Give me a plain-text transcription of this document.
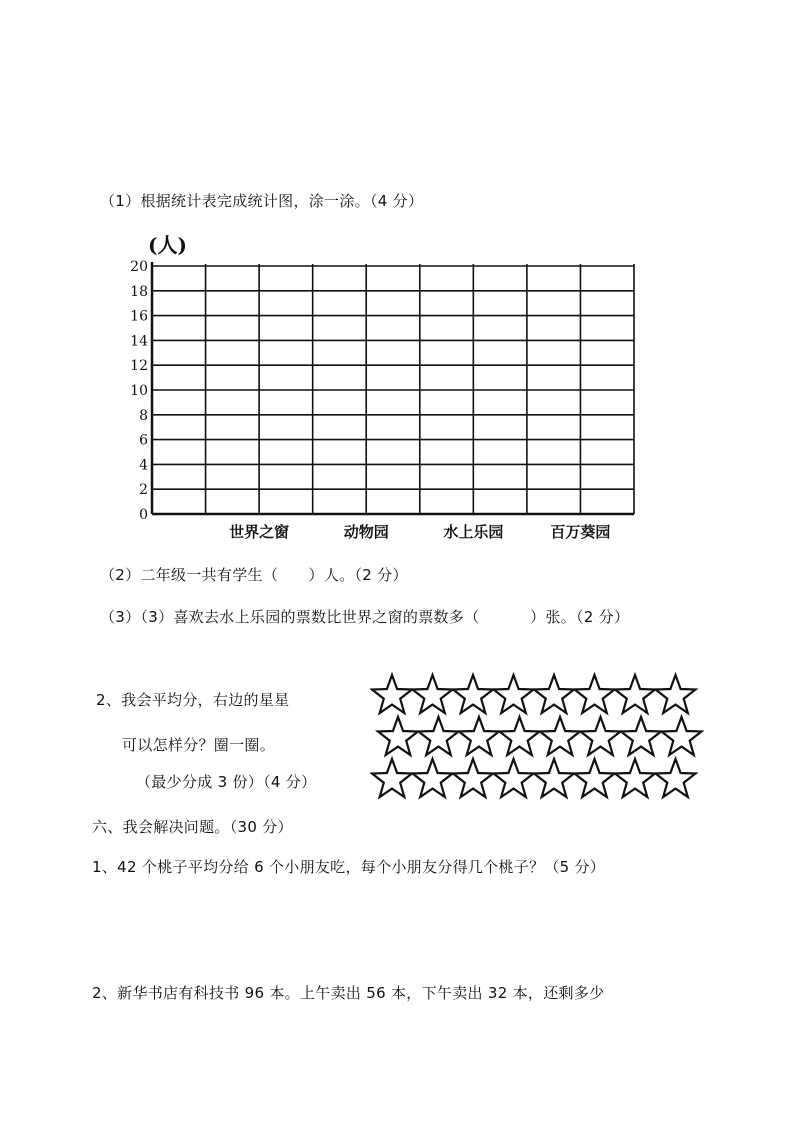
（1）根据统计表完成统计图，涂一涂。（4 分）
(人)
0
2
4
6
8
10
12
14
16
18
20
世界之窗	动物园	水上乐园	百万葵园
（2）二年级一共有学生（      ）人。（2 分）
（3）（3）喜欢去水上乐园的票数比世界之窗的票数多（          ）张。（2 分）
2、我会平均分，右边的星星
可以怎样分？圈一圈。
（最少分成 3 份）（4 分）
六、我会解决问题。（30 分）
1、42 个桃子平均分给 6 个小朋友吃，每个小朋友分得几个桃子？（5 分）
2、新华书店有科技书 96 本。上午卖出 56 本，下午卖出 32 本，还剩多少
